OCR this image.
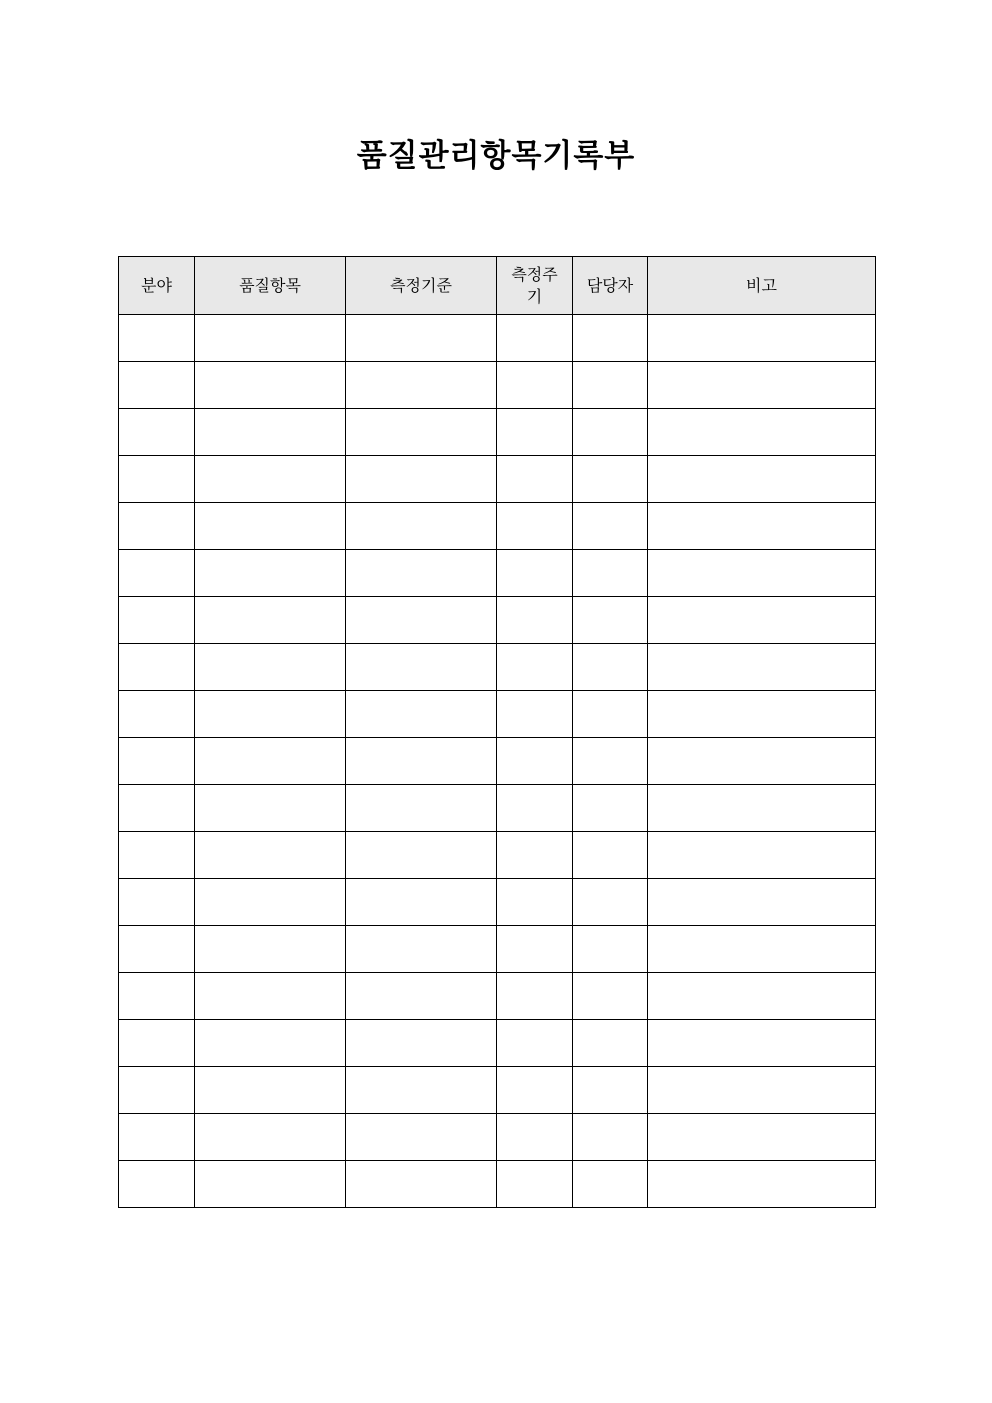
품질관리항목기록부
분야	품질항목	측정기준	측정주기	담당자	비고
